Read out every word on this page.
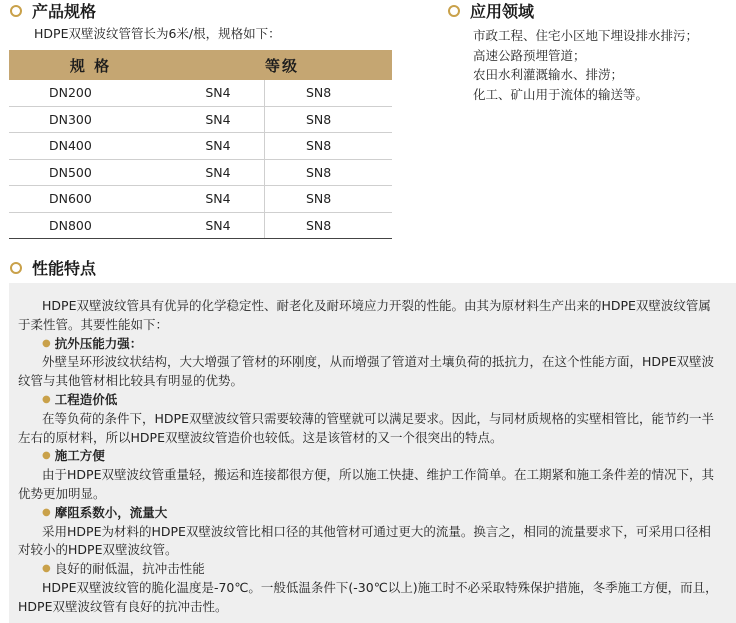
产品规格
HDPE双壁波纹管管长为6米/根，规格如下：
规 格	等级	
DN200	SN4	SN8
DN300	SN4	SN8
DN400	SN4	SN8
DN500	SN4	SN8
DN600	SN4	SN8
DN800	SN4	SN8
应用领域
市政工程、住宅小区地下埋设排水排污；
高速公路预埋管道；
农田水利灌溉输水、排涝；
化工、矿山用于流体的输送等。
性能特点
HDPE双壁波纹管具有优异的化学稳定性、耐老化及耐环境应力开裂的性能。由其为原材料生产出来的HDPE双壁波纹管属
于柔性管。其要性能如下：
● 抗外压能力强：
外壁呈环形波纹状结构，大大增强了管材的环刚度，从而增强了管道对土壤负荷的抵抗力，在这个性能方面，HDPE双壁波
纹管与其他管材相比较具有明显的优势。
● 工程造价低
在等负荷的条件下，HDPE双壁波纹管只需要较薄的管壁就可以满足要求。因此，与同材质规格的实壁相管比，能节约一半
左右的原材料，所以HDPE双壁波纹管造价也较低。这是该管材的又一个很突出的特点。
● 施工方便
由于HDPE双壁波纹管重量轻，搬运和连接都很方便，所以施工快捷、维护工作简单。在工期紧和施工条件差的情况下，其
优势更加明显。
● 摩阻系数小，流量大
采用HDPE为材料的HDPE双壁波纹管比相口径的其他管材可通过更大的流量。换言之，相同的流量要求下，可采用口径相
对较小的HDPE双壁波纹管。
● 良好的耐低温，抗冲击性能
HDPE双壁波纹管的脆化温度是-70℃。一般低温条件下(-30℃以上)施工时不必采取特殊保护措施，冬季施工方便，而且，
HDPE双壁波纹管有良好的抗冲击性。
